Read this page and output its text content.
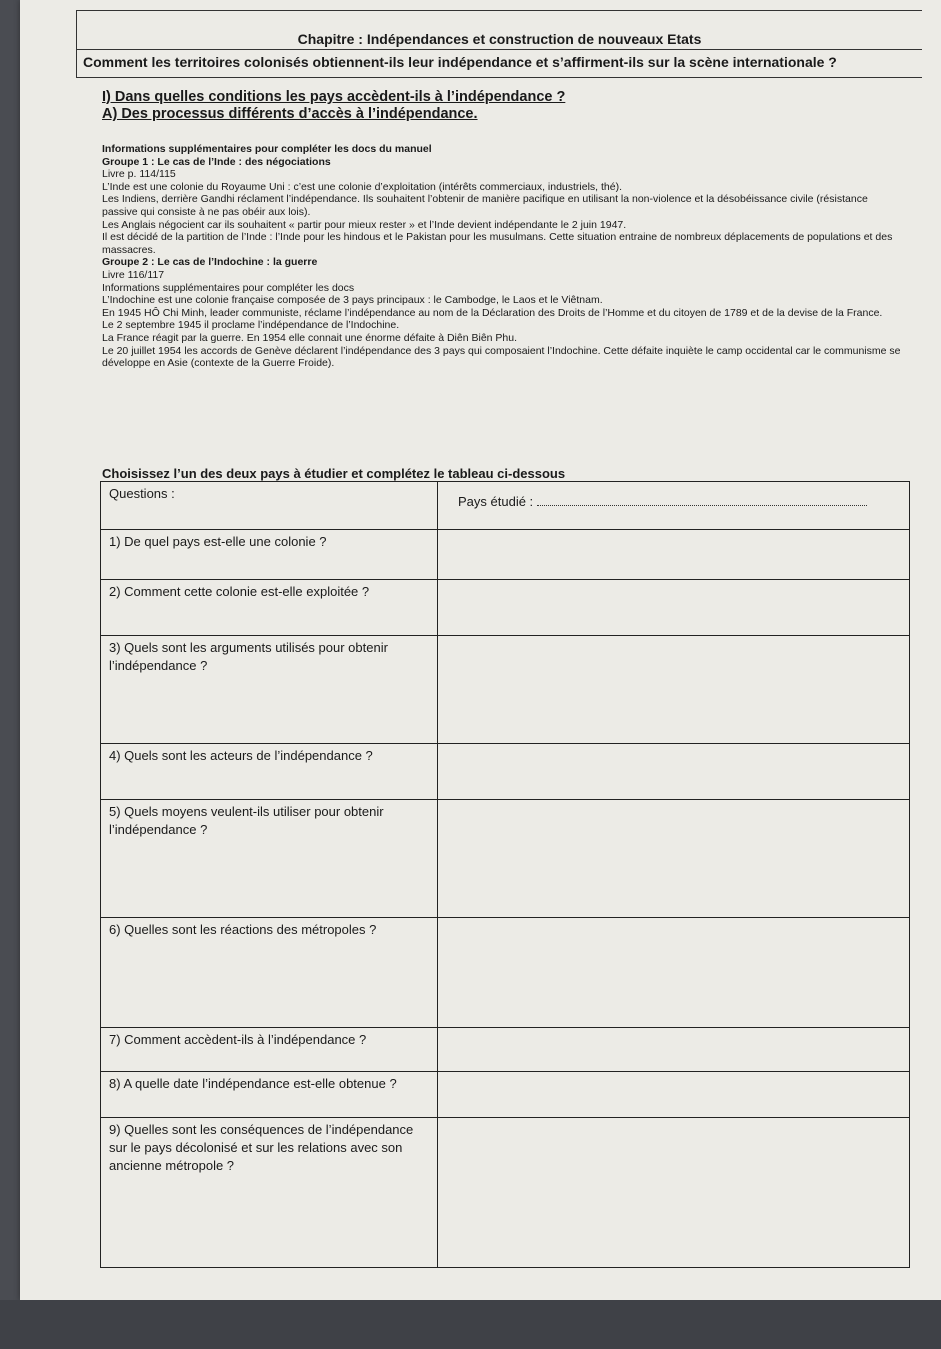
Chapitre : Indépendances et construction de nouveaux Etats
Comment les territoires colonisés obtiennent-ils leur indépendance et s’affirment-ils sur la scène internationale ?
I) Dans quelles conditions les pays accèdent-ils à l’indépendance ?
A) Des processus différents d’accès à l’indépendance.

Informations supplémentaires pour compléter les docs du manuel

Groupe 1 : Le cas de l’Inde : des négociations

Livre p. 114/115

L’Inde est une colonie du Royaume Uni : c’est une colonie d’exploitation (intérêts commerciaux, industriels, thé).

Les Indiens, derrière Gandhi réclament l’indépendance. Ils souhaitent l’obtenir de manière pacifique en utilisant la non-violence et la désobéissance civile (résistance passive qui consiste à ne pas obéir aux lois).

Les Anglais négocient car ils souhaitent « partir pour mieux rester » et l’Inde devient indépendante le 2 juin 1947.

Il est décidé de la partition de l’Inde : l’Inde pour les hindous et le Pakistan pour les musulmans. Cette situation entraine de nombreux déplacements de populations et des massacres.

Groupe 2 : Le cas de l’Indochine : la guerre

Livre 116/117

Informations supplémentaires pour compléter les docs

L’Indochine est une colonie française composée de 3 pays principaux : le Cambodge, le Laos et le Viêtnam.

En 1945 HÔ Chi Minh, leader communiste, réclame l’indépendance au nom de la Déclaration des Droits de l’Homme et du citoyen de 1789 et de la devise de la France.

Le 2 septembre 1945 il proclame l’indépendance de l’Indochine.

La France réagit par la guerre. En 1954 elle connait une énorme défaite à Diên Biên Phu.

Le 20 juillet 1954 les accords de Genève déclarent l’indépendance des 3 pays qui composaient l’Indochine. Cette défaite inquiète le camp occidental car le communisme se développe en Asie (contexte de la Guerre Froide).

Choisissez l’un des deux pays à étudier et complétez le tableau ci-dessous
Questions :	Pays étudié :
1) De quel pays est-elle une colonie ?	
2) Comment cette colonie est-elle exploitée ?	
3) Quels sont les arguments utilisés pour obtenir l’indépendance ?	
4) Quels sont les acteurs de l’indépendance ?	
5) Quels moyens veulent-ils utiliser pour obtenir l’indépendance ?	
6) Quelles sont les réactions des métropoles ?	
7) Comment accèdent-ils à l’indépendance ?	
8) A quelle date l’indépendance est-elle obtenue ?	
9) Quelles sont les conséquences de l’indépendance sur le pays décolonisé et sur les relations avec son ancienne métropole ?	
